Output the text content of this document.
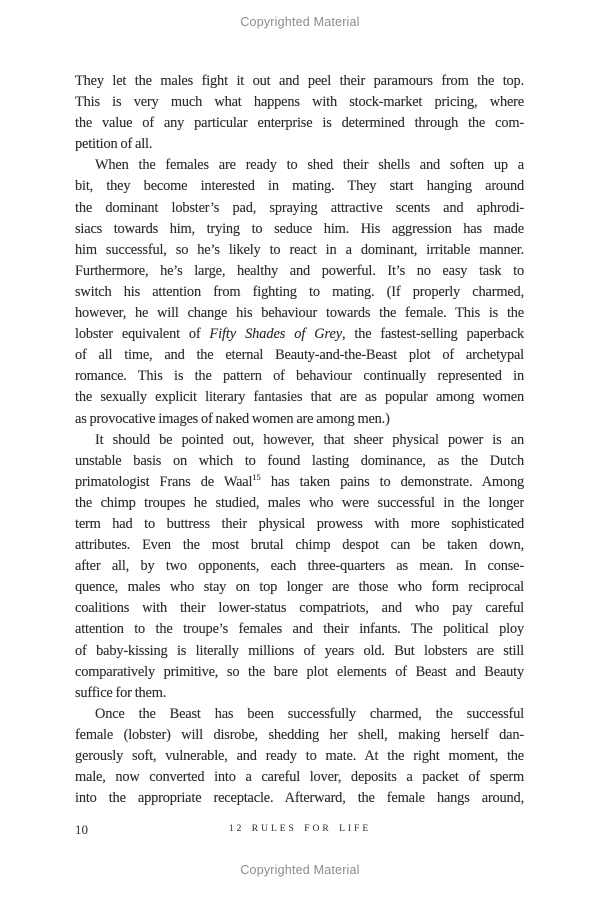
Copyrighted Material
They let the males fight it out and peel their paramours from the top.
This is very much what happens with stock-market pricing, where
the value of any particular enterprise is determined through the com-
petition of all.
When the females are ready to shed their shells and soften up a
bit, they become interested in mating. They start hanging around
the dominant lobster’s pad, spraying attractive scents and aphrodi-
siacs towards him, trying to seduce him. His aggression has made
him successful, so he’s likely to react in a dominant, irritable manner.
Furthermore, he’s large, healthy and powerful. It’s no easy task to
switch his attention from fighting to mating. (If properly charmed,
however, he will change his behaviour towards the female. This is the
lobster equivalent of Fifty Shades of Grey, the fastest-selling paperback
of all time, and the eternal Beauty-and-the-Beast plot of archetypal
romance. This is the pattern of behaviour continually represented in
the sexually explicit literary fantasies that are as popular among women
as provocative images of naked women are among men.)
It should be pointed out, however, that sheer physical power is an
unstable basis on which to found lasting dominance, as the Dutch
primatologist Frans de Waal$^{15}$ has taken pains to demonstrate. Among
the chimp troupes he studied, males who were successful in the longer
term had to buttress their physical prowess with more sophisticated
attributes. Even the most brutal chimp despot can be taken down,
after all, by two opponents, each three-quarters as mean. In conse-
quence, males who stay on top longer are those who form reciprocal
coalitions with their lower-status compatriots, and who pay careful
attention to the troupe’s females and their infants. The political ploy
of baby-kissing is literally millions of years old. But lobsters are still
comparatively primitive, so the bare plot elements of Beast and Beauty
suffice for them.
Once the Beast has been successfully charmed, the successful
female (lobster) will disrobe, shedding her shell, making herself dan-
gerously soft, vulnerable, and ready to mate. At the right moment, the
male, now converted into a careful lover, deposits a packet of sperm
into the appropriate receptacle. Afterward, the female hangs around,
10	12 RULES FOR LIFE
Copyrighted Material
